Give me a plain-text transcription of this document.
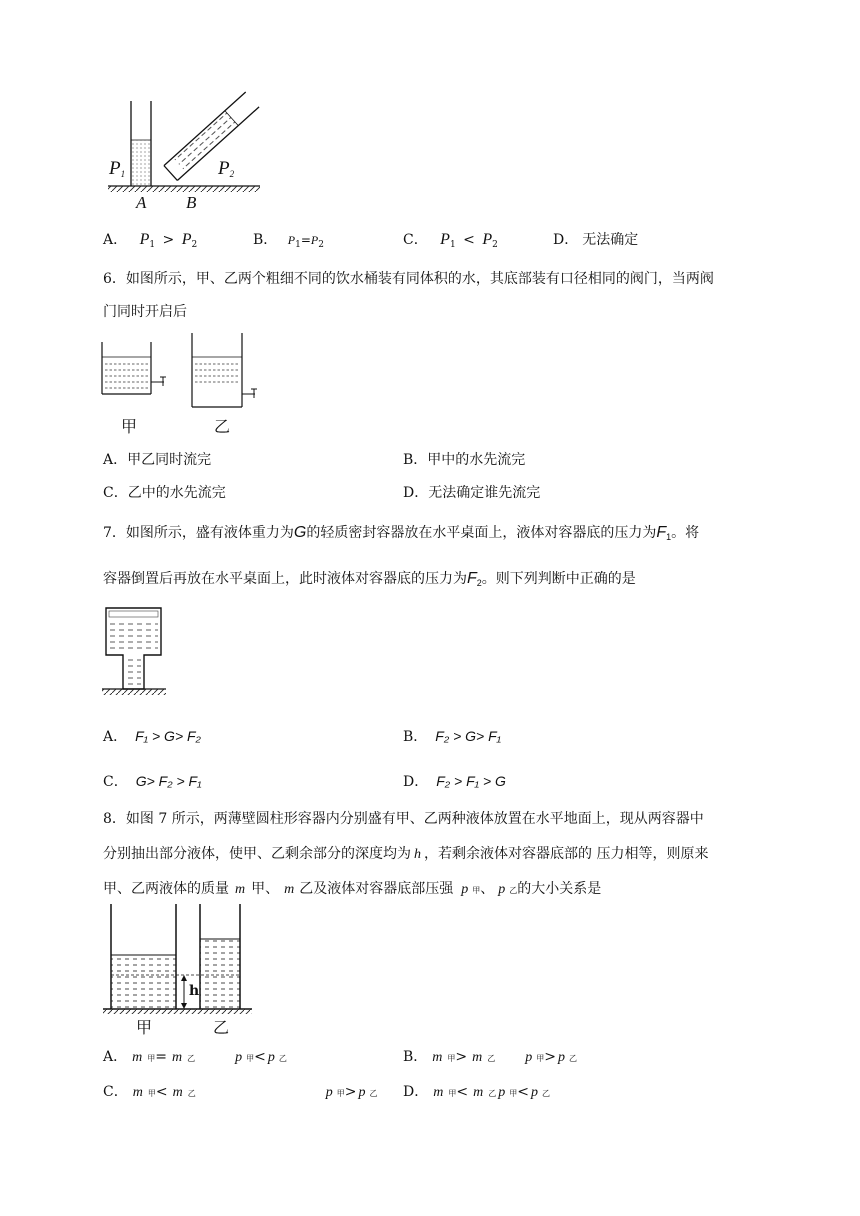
$P_1$	$P_2$
A B
A． $P_1 > P_2$	B． $P_1=P_2$	C． $P_1 < P_2$	D． 无法确定
6．如图所示，甲、乙两个粗细不同的饮水桶装有同体积的水，其底部装有口径相同的阀门，当两阀
门同时开启后
甲	乙
A．甲乙同时流完	B．甲中的水先流完
C．乙中的水先流完	D．无法确定谁先流完
7．如图所示，盛有液体重力为G的轻质密封容器放在水平桌面上，液体对容器底的压力为$F_1$。将
容器倒置后再放在水平桌面上，此时液体对容器底的压力为$F_2$。则下列判断中正确的是
A． F₁ > G> F₂	B． F₂ > G> F₁
C． G> F₂ > F₁	D． F₂ > F₁ > G
8．如图 7 所示，两薄壁圆柱形容器内分别盛有甲、乙两种液体放置在水平地面上，现从两容器中
分别抽出部分液体，使甲、乙剩余部分的深度均为 h ，若剩余液体对容器底部的 压力相等，则原来
甲、乙两液体的质量 m 甲、 m 乙及液体对容器底部压强 p 甲、 p 乙的大小关系是
h
甲	乙
A． m 甲= m 乙	p 甲< p 乙	B． m 甲> m 乙 p 甲> p 乙
C． m 甲< m 乙	p 甲> p 乙 D． m 甲< m 乙 p 甲< p 乙
